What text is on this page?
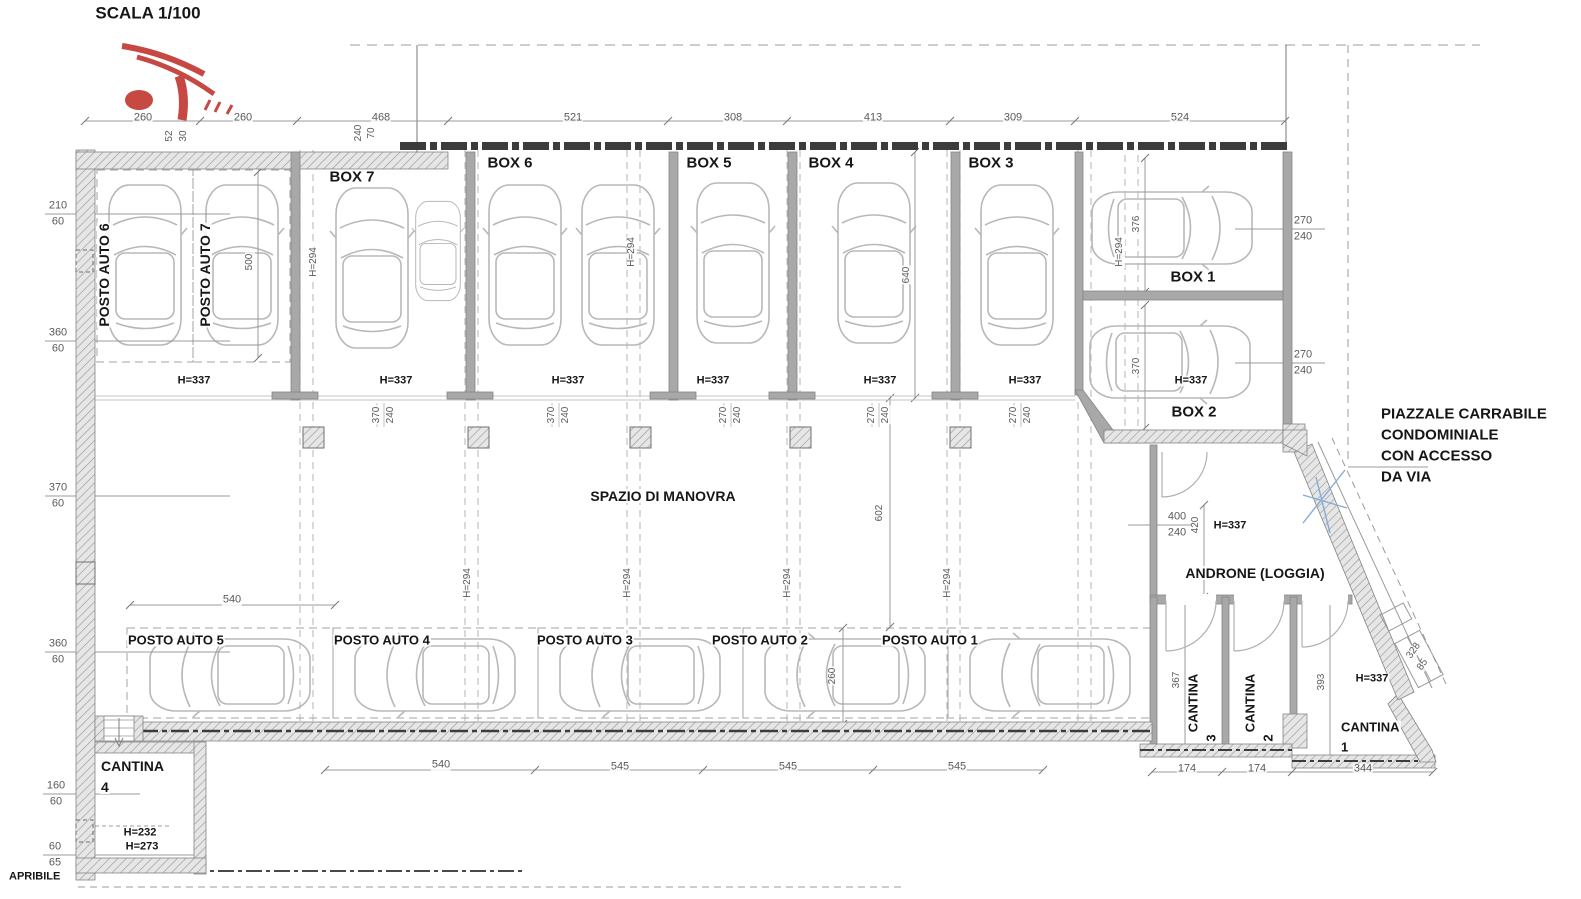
SCALA 1/100
BOX 7
BOX 6	BOX 5	BOX 4	BOX 3
BOX 1
BOX 2
POSTO AUTO 6	POSTO AUTO 7
POSTO AUTO 5	POSTO AUTO 4	POSTO AUTO 3	POSTO AUTO 2	POSTO AUTO 1
CANTINA
4
CANTINA
3
CANTINA
2
CANTINA
1
SPAZIO DI MANOVRA
ANDRONE (LOGGIA)
PIAZZALE CARRABILE
CONDOMINIALE
CON ACCESSO
DA VIA
H=337	H=337	H=337	H=337	H=337	H=337	H=337
H=337
H=337
H=232
H=273
H=294	H=294	H=294
H=294	H=294	H=294	H=294
260	260	468	521	308	413	309	524
52 30	240 70
370 240	370 240	270 240	270 240	270 240
500
640
602
260
376
370
367	393
420
210
60
360
60
370
60
360
60
160
60
60
65
270
240
270
240
400
240
328
85
540
540	545	545	545	174	174	344
APRIBILE
